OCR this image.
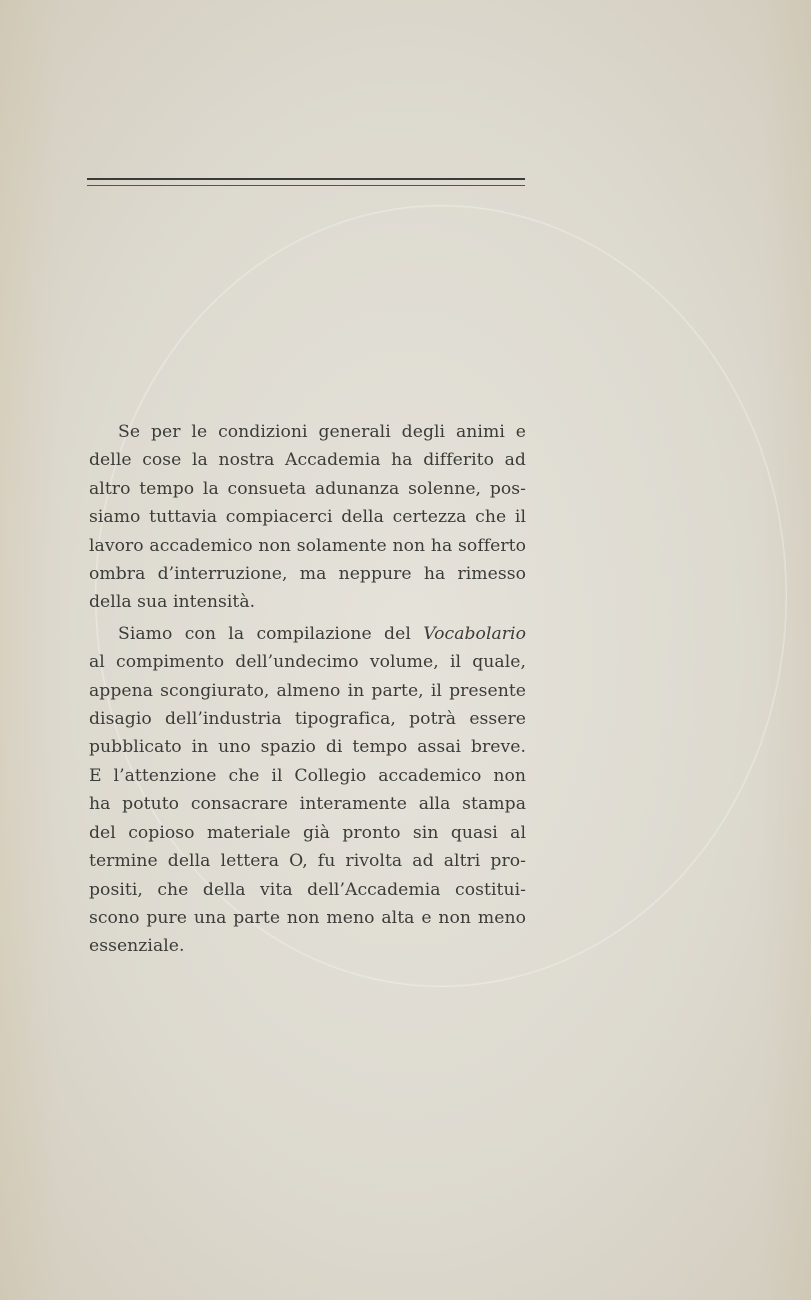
Se per le condizioni generali degli animi e
delle cose la nostra Accademia ha differito ad
altro tempo la consueta adunanza solenne, pos-
siamo tuttavia compiacerci della certezza che il
lavoro accademico non solamente non ha sofferto
ombra d’interruzione, ma neppure ha rimesso
della sua intensità.
Siamo con la compilazione del Vocabolario
al compimento dell’undecimo volume, il quale,
appena scongiurato, almeno in parte, il presente
disagio dell’industria tipografica, potrà essere
pubblicato in uno spazio di tempo assai breve.
E l’attenzione che il Collegio accademico non
ha potuto consacrare interamente alla stampa
del copioso materiale già pronto sin quasi al
termine della lettera O, fu rivolta ad altri pro-
positi, che della vita dell’Accademia costitui-
scono pure una parte non meno alta e non meno
essenziale.
